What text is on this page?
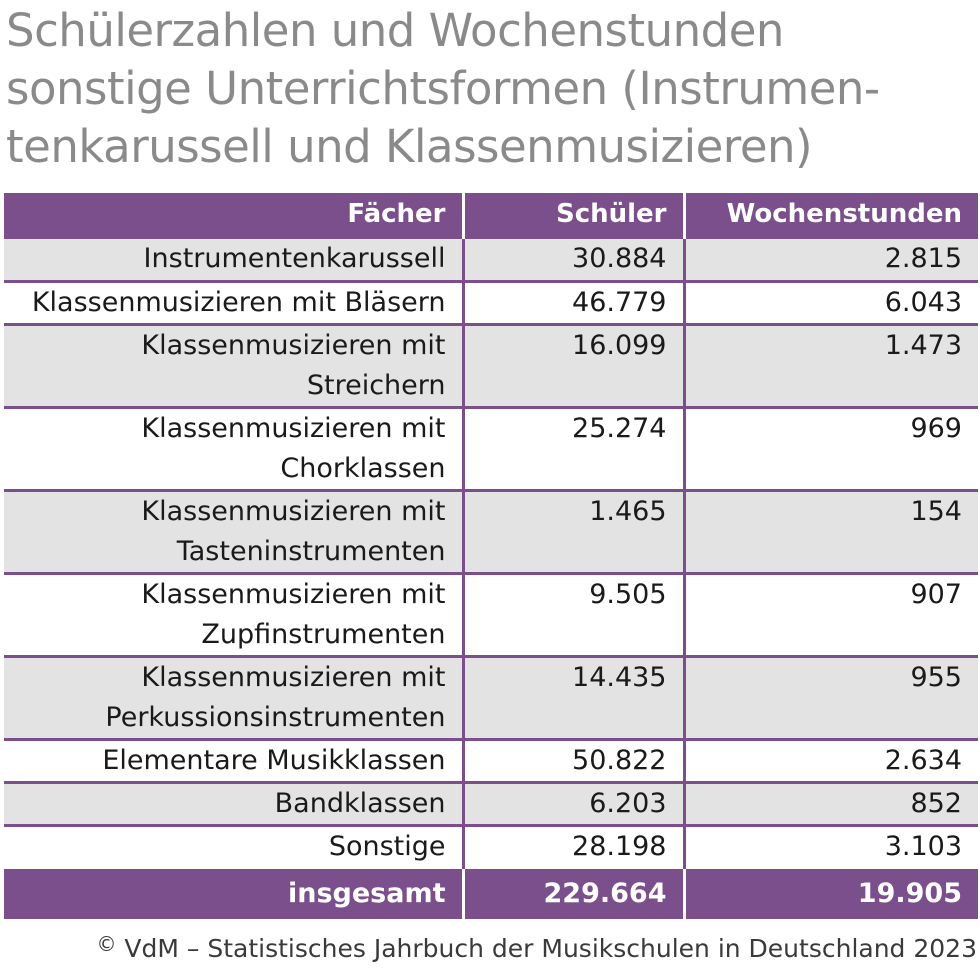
Schülerzahlen und Wochenstunden
sonstige Unterrichtsformen (Instrumen-
tenkarussell und Klassenmusizieren)
Fächer	Schüler	Wochenstunden
Instrumentenkarussell	30.884	2.815
Klassenmusizieren mit Bläsern	46.779	6.043
Klassenmusizieren mit
Streichern	16.099	1.473
Klassenmusizieren mit
Chorklassen	25.274	969
Klassenmusizieren mit
Tasteninstrumenten	1.465	154
Klassenmusizieren mit
Zupfinstrumenten	9.505	907
Klassenmusizieren mit
Perkussionsinstrumenten	14.435	955
Elementare Musikklassen	50.822	2.634
Bandklassen	6.203	852
Sonstige	28.198	3.103
insgesamt	229.664	19.905
© VdM – Statistisches Jahrbuch der Musikschulen in Deutschland 2023
